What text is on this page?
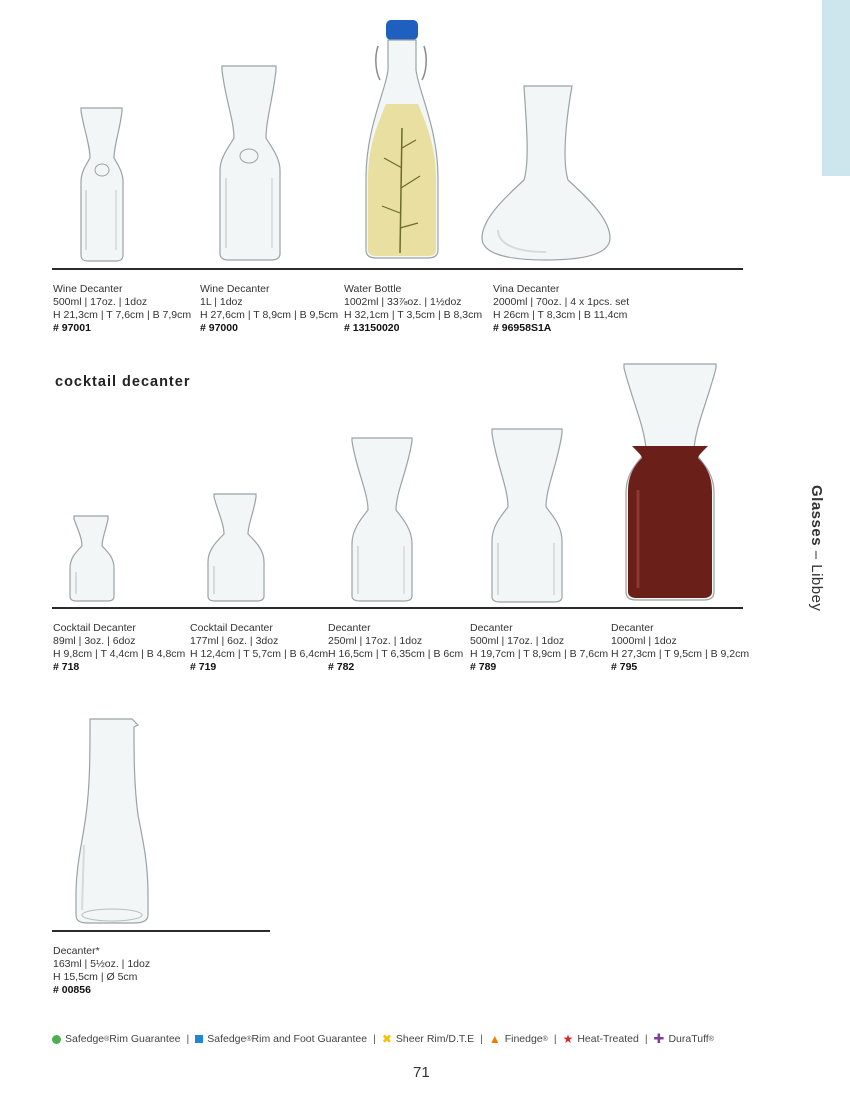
Glasses – Libbey
Wine Decanter
500ml | 17oz. | 1doz
H 21,3cm | T 7,6cm | B 7,9cm
# 97001
Wine Decanter
1L | 1doz
H 27,6cm | T 8,9cm | B 9,5cm
# 97000
Water Bottle
1002ml | 33⅞oz. | 1½doz
H 32,1cm | T 3,5cm | B 8,3cm
# 13150020
Vina Decanter
2000ml | 70oz. | 4 x 1pcs. set
H 26cm | T 8,3cm | B 11,4cm
# 96958S1A
cocktail decanter
Cocktail Decanter
89ml | 3oz. | 6doz
H 9,8cm | T 4,4cm | B 4,8cm
# 718
Cocktail Decanter
177ml | 6oz. | 3doz
H 12,4cm | T 5,7cm | B 6,4cm
# 719
Decanter
250ml | 17oz. | 1doz
H 16,5cm | T 6,35cm | B 6cm
# 782
Decanter
500ml | 17oz. | 1doz
H 19,7cm | T 8,9cm | B 7,6cm
# 789
Decanter
1000ml | 1doz
H 27,3cm | T 9,5cm | B 9,2cm
# 795
Decanter*
163ml | 5½oz. | 1doz
H 15,5cm | Ø 5cm
# 00856
Safedge ® Rim Guarantee | Safedge ® Rim and Foot Guarantee | ✖ Sheer Rim/D.T.E | ▲ Finedge ® | ★ Heat-Treated | ✚ DuraTuff ®
71
